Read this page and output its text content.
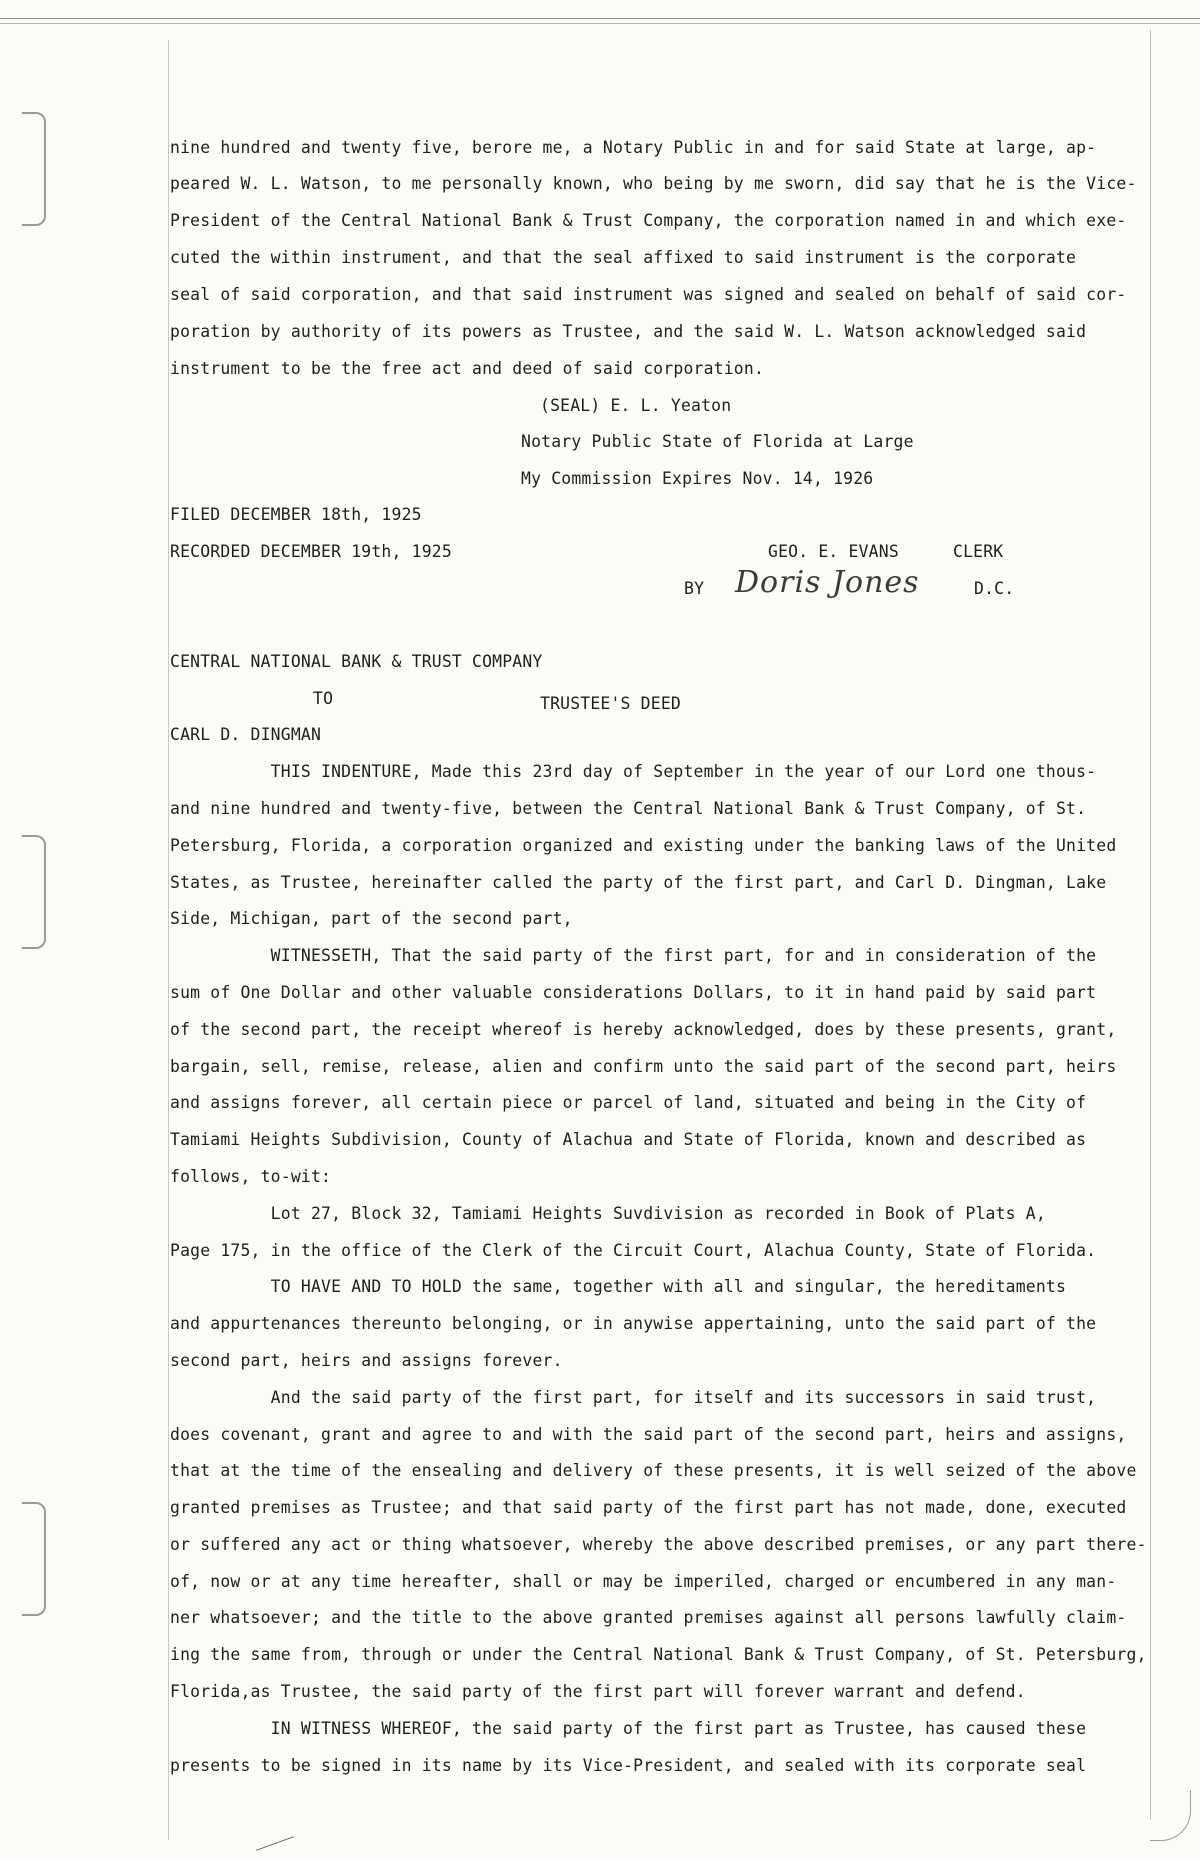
nine hundred and twenty five, berore me, a Notary Public in and for said State at large, ap-
peared W. L. Watson, to me personally known, who being by me sworn, did say that he is the Vice-
President of the Central National Bank & Trust Company, the corporation named in and which exe-
cuted the within instrument, and that the seal affixed to said instrument is the corporate
seal of said corporation, and that said instrument was signed and sealed on behalf of said cor-
poration by authority of its powers as Trustee, and the said W. L. Watson acknowledged said
instrument to be the free act and deed of said corporation.
(SEAL) E. L. Yeaton
Notary Public State of Florida at Large
My Commission Expires Nov. 14, 1926
FILED DECEMBER 18th, 1925
RECORDED DECEMBER 19th, 1925	GEO. E. EVANS	CLERK
BY Doris Jones	D.C.
CENTRAL NATIONAL BANK & TRUST COMPANY
TO	TRUSTEE'S DEED
CARL D. DINGMAN
THIS INDENTURE, Made this 23rd day of September in the year of our Lord one thous-
and nine hundred and twenty-five, between the Central National Bank & Trust Company, of St.
Petersburg, Florida, a corporation organized and existing under the banking laws of the United
States, as Trustee, hereinafter called the party of the first part, and Carl D. Dingman, Lake
Side, Michigan, part of the second part,
WITNESSETH, That the said party of the first part, for and in consideration of the
sum of One Dollar and other valuable considerations Dollars, to it in hand paid by said part
of the second part, the receipt whereof is hereby acknowledged, does by these presents, grant,
bargain, sell, remise, release, alien and confirm unto the said part of the second part, heirs
and assigns forever, all certain piece or parcel of land, situated and being in the City of
Tamiami Heights Subdivision, County of Alachua and State of Florida, known and described as
follows, to-wit:
Lot 27, Block 32, Tamiami Heights Suvdivision as recorded in Book of Plats A,
Page 175, in the office of the Clerk of the Circuit Court, Alachua County, State of Florida.
TO HAVE AND TO HOLD the same, together with all and singular, the hereditaments
and appurtenances thereunto belonging, or in anywise appertaining, unto the said part of the
second part, heirs and assigns forever.
And the said party of the first part, for itself and its successors in said trust,
does covenant, grant and agree to and with the said part of the second part, heirs and assigns,
that at the time of the ensealing and delivery of these presents, it is well seized of the above
granted premises as Trustee; and that said party of the first part has not made, done, executed
or suffered any act or thing whatsoever, whereby the above described premises, or any part there-
of, now or at any time hereafter, shall or may be imperiled, charged or encumbered in any man-
ner whatsoever; and the title to the above granted premises against all persons lawfully claim-
ing the same from, through or under the Central National Bank & Trust Company, of St. Petersburg,
Florida,as Trustee, the said party of the first part will forever warrant and defend.
IN WITNESS WHEREOF, the said party of the first part as Trustee, has caused these
presents to be signed in its name by its Vice-President, and sealed with its corporate seal
